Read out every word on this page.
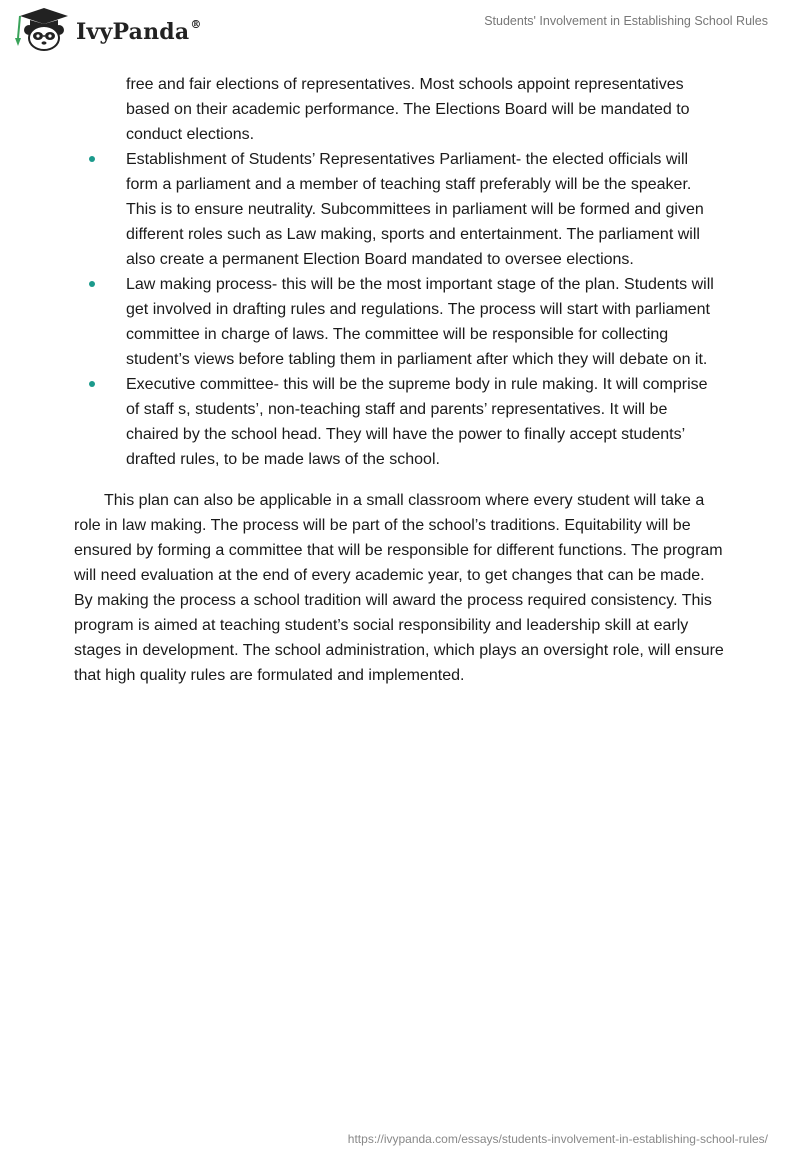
IvyPanda®	Students' Involvement in Establishing School Rules

free and fair elections of representatives. Most schools appoint representatives based on their academic performance. The Elections Board will be mandated to conduct elections.

Establishment of Students’ Representatives Parliament- the elected officials will form a parliament and a member of teaching staff preferably will be the speaker. This is to ensure neutrality. Subcommittees in parliament will be formed and given different roles such as Law making, sports and entertainment. The parliament will also create a permanent Election Board mandated to oversee elections.
Law making process- this will be the most important stage of the plan. Students will get involved in drafting rules and regulations. The process will start with parliament committee in charge of laws. The committee will be responsible for collecting student’s views before tabling them in parliament after which they will debate on it.
Executive committee- this will be the supreme body in rule making. It will comprise of staff s, students’, non-teaching staff and parents’ representatives. It will be chaired by the school head. They will have the power to finally accept students’ drafted rules, to be made laws of the school.

This plan can also be applicable in a small classroom where every student will take a role in law making. The process will be part of the school’s traditions. Equitability will be ensured by forming a committee that will be responsible for different functions. The program will need evaluation at the end of every academic year, to get changes that can be made. By making the process a school tradition will award the process required consistency. This program is aimed at teaching student’s social responsibility and leadership skill at early stages in development. The school administration, which plays an oversight role, will ensure that high quality rules are formulated and implemented.

https://ivypanda.com/essays/students-involvement-in-establishing-school-rules/
